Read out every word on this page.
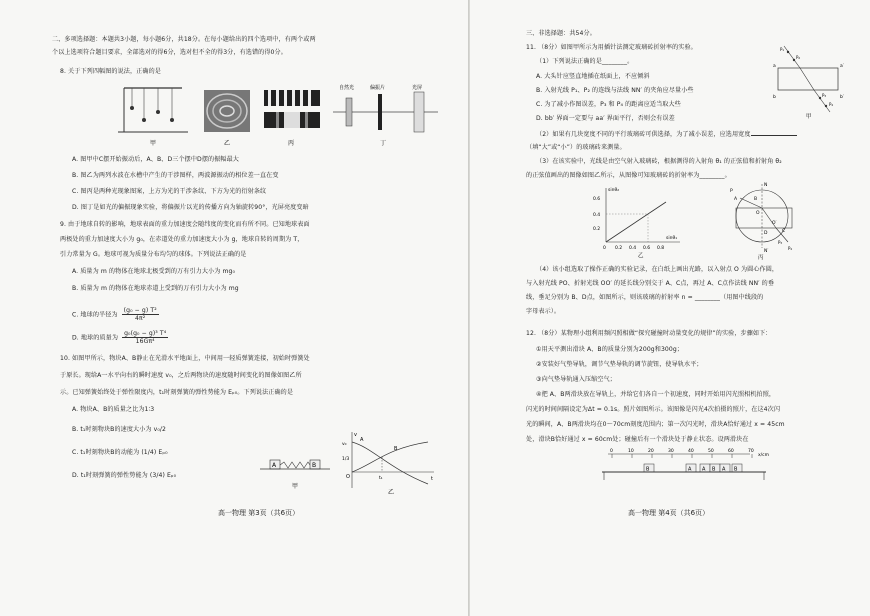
二、多项选择题：本题共3小题，每小题6分，共18分。在每小题给出的四个选项中，有两个或两
个以上选项符合题目要求，全部选对的得6分，选对但不全的得3分，有选错的得0分。
8. 关于下列四幅图的说法，正确的是
自然光	偏振片	光屏
甲	乙	丙	丁
A. 图甲中C摆开始振动后，A、B、D三个摆中D摆的振幅最大
B. 图乙为两列水波在水槽中产生的干涉图样，两波源振动的相位差一直在变
C. 图丙是两种光现象图案，上方为光的干涉条纹、下方为光的衍射条纹
D. 图丁是如光的偏振现象实验，将偏振片以光的传播方向为轴旋转90°，光屏亮度变暗
9. 由于地球自转的影响，地球表面的重力加速度会随纬度的变化而有所不同。已知地球表面
两极处的重力加速度大小为 g₀，在赤道处的重力加速度大小为 g，地球自转的周期为 T，
引力常量为 G。地球可视为质量分布均匀的球体。下列说法正确的是
A. 质量为 m 的物体在地球北极受到的万有引力大小为 mg₀
B. 质量为 m 的物体在地球赤道上受到的万有引力大小为 mg
C. 地球的半径为 $\frac{\text{(g₀ − g) T²}}{\text{4π²}}$
D. 地球的质量为 $\frac{\text{g₀(g₀ − g)³ T⁴}}{\text{16Gπ⁴}}$
10. 如图甲所示，物块A、B静止在光滑水平地面上，中间用一轻质弹簧连接，初始时弹簧处
于原长。现给A一水平向右的瞬时速度 v₀，之后两物块的速度随时间变化的图像如图乙所
示。已知弹簧始终处于弹性限度内，t₁时刻弹簧的弹性势能为 Eₚ₀。下列说法正确的是
A. 物块A、B的质量之比为1∶3
B. t₁时刻物块B的速度大小为 v₀/2
C. t₁时刻物块B的动能为 (1/4) Eₚ₀
D. t₁时刻弹簧的弹性势能为 (3/4) Eₚ₀
A	B
甲
v
v₀
1/3
t
O
A
B
t₁
乙
高一物理 第3页（共6页）
三、非选择题：共54分。
11. （8分）如图甲所示为用插针法测定玻璃砖折射率的实验。
（1）下列说法正确的是________。
A. 大头针应竖直地插在纸面上，不应倾斜
B. 入射光线 P₁、P₂ 的连线与法线 NN′ 的夹角应尽量小些
C. 为了减小作图误差，P₃ 和 P₄ 的距离应适当取大些
D. bb′ 界面一定要与 aa′ 界面平行，否则会有误差
a	a′
b	b′
P₁
P₂
P₃
P₄
甲
（2）如果有几块宽度不同的平行玻璃砖可供选择，为了减小误差，应选用宽度
（填“大”或“小”）的玻璃砖来测量。
（3）在该实验中，光线是由空气射入玻璃砖，根据测得的入射角 θ₁ 的正弦值和折射角 θ₂
的正弦值画出的图像如图乙所示，从图像可知玻璃砖的折射率为________。
sinθ₂
sinθ₁
0.6
0.4
0.2
0 0.2 0.4 0.6 0.8
乙
N
N′
A	B
C
D
O
O′
P
P₃
P₄
丙
（4）该小组选取了操作正确的实验记录，在白纸上画出光路，以入射点 O 为圆心作圆，
与入射光线 PO、折射光线 OO′ 的延长线分别交于 A、C点，再过 A、C点作法线 NN′ 的垂
线，垂足分别为 B、D点，如图所示，则该玻璃的折射率 n = ________（用图中线段的
字母表示）。
12. （8分）某物理小组利用频闪照相做“探究碰撞时动量变化的规律”的实验，步骤如下：
①用天平测出滑块 A、B的质量分别为200g和300g；
②安装好气垫导轨，调节气垫导轨的调节旋钮，使导轨水平；
③向气垫导轨通入压缩空气；
④把 A、B两滑块放在导轨上，并给它们各自一个初速度，同时开始用闪光照相机拍照，
闪光的时间间隔设定为Δt = 0.1s。照片如图所示。该图像是闪光4次拍摄的照片，在这4次闪
光的瞬间，A、B两滑块均在0～70cm刻度范围内；第一次闪光时，滑块A恰好通过 x = 45cm
处，滑块B恰好通过 x = 60cm处；碰撞后有一个滑块处于静止状态。设两滑块在
0	10	20	30	40	50	60	70
x/cm
B	A A B A B
高一物理 第4页（共6页）
